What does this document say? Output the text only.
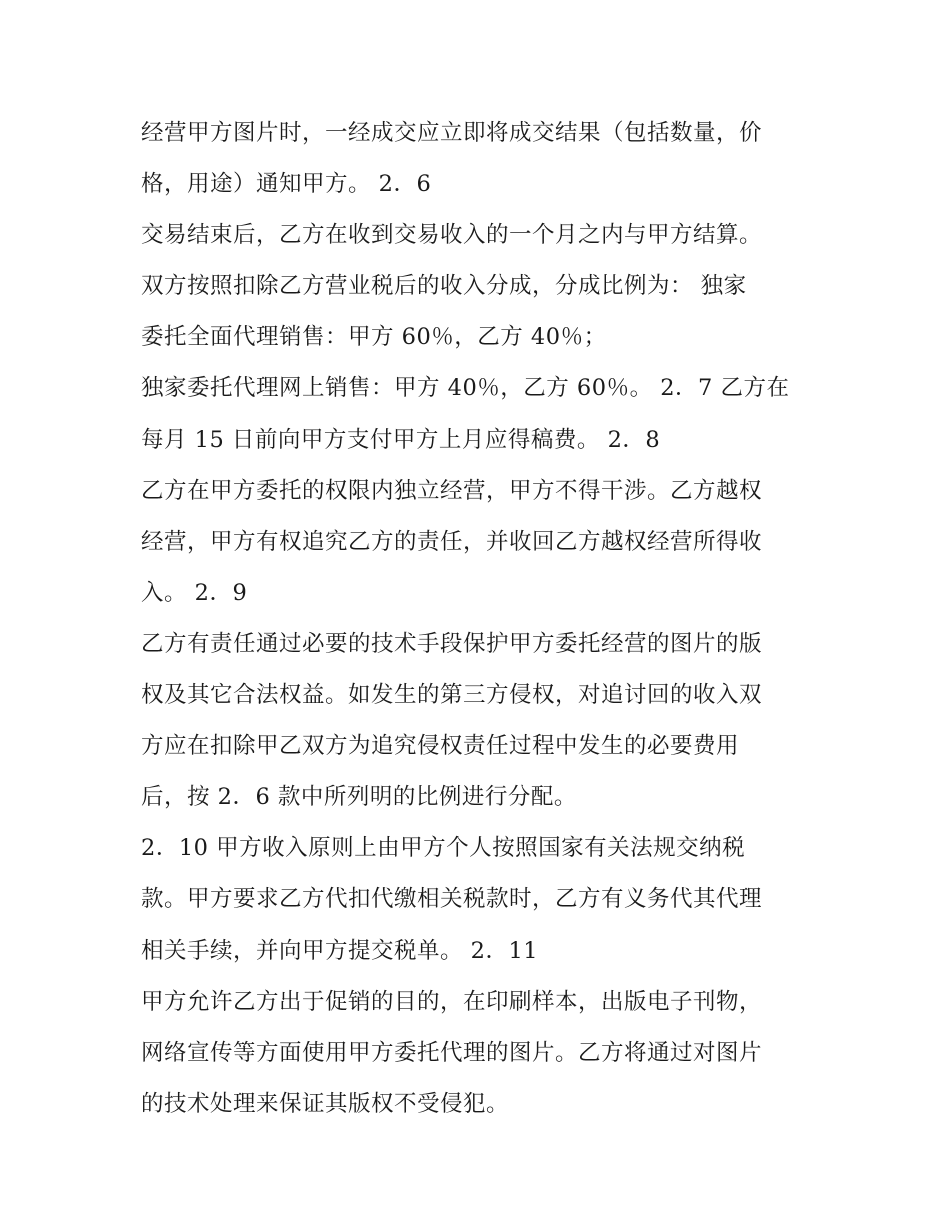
经营甲方图片时，一经成交应立即将成交结果（包括数量，价
格，用途）通知甲方。 2．6
交易结束后，乙方在收到交易收入的一个月之内与甲方结算。
双方按照扣除乙方营业税后的收入分成，分成比例为： 独家
委托全面代理销售：甲方 60％，乙方 40％；
独家委托代理网上销售：甲方 40％，乙方 60％。 2．7 乙方在
每月 15 日前向甲方支付甲方上月应得稿费。 2．8
乙方在甲方委托的权限内独立经营，甲方不得干涉。乙方越权
经营，甲方有权追究乙方的责任，并收回乙方越权经营所得收
入。 2．9
乙方有责任通过必要的技术手段保护甲方委托经营的图片的版
权及其它合法权益。如发生的第三方侵权，对追讨回的收入双
方应在扣除甲乙双方为追究侵权责任过程中发生的必要费用
后，按 2．6 款中所列明的比例进行分配。
2．10 甲方收入原则上由甲方个人按照国家有关法规交纳税
款。甲方要求乙方代扣代缴相关税款时，乙方有义务代其代理
相关手续，并向甲方提交税单。 2．11
甲方允许乙方出于促销的目的，在印刷样本，出版电子刊物，
网络宣传等方面使用甲方委托代理的图片。乙方将通过对图片
的技术处理来保证其版权不受侵犯。
